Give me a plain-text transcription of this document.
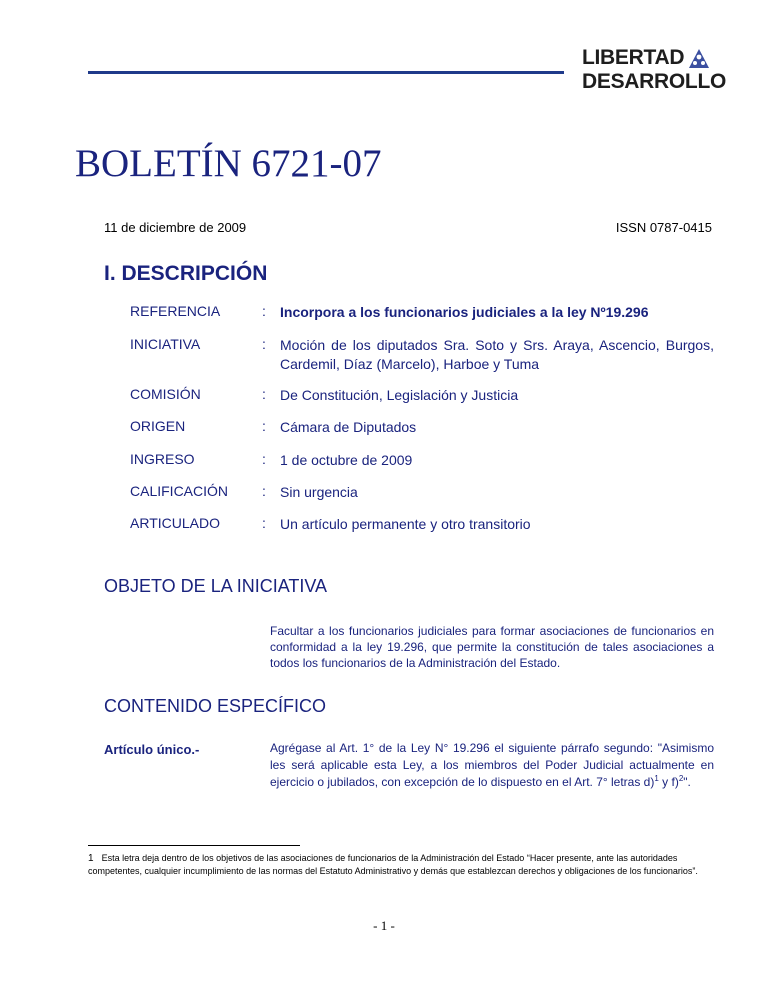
LIBERTAD
DESARROLLO
BOLETÍN 6721-07
11 de diciembre de 2009	ISSN 0787-0415
I. DESCRIPCIÓN
REFERENCIA	: Incorpora a los funcionarios judiciales a la ley Nº19.296
INICIATIVA	: Moción de los diputados Sra. Soto y Srs. Araya, Ascencio, Burgos, Cardemil, Díaz (Marcelo), Harboe y Tuma
COMISIÓN	: De Constitución, Legislación y Justicia
ORIGEN	: Cámara de Diputados
INGRESO	: 1 de octubre de 2009
CALIFICACIÓN : Sin urgencia
ARTICULADO	: Un artículo permanente y otro transitorio
OBJETO DE LA INICIATIVA
Facultar a los funcionarios judiciales para formar asociaciones de funcionarios en conformidad a la ley 19.296, que permite la constitución de tales asociaciones a todos los funcionarios de la Administración del Estado.
CONTENIDO ESPECÍFICO
Artículo único.-	Agrégase al Art. 1° de la Ley N° 19.296 el siguiente párrafo segundo: "Asimismo les será aplicable esta Ley, a los miembros del Poder Judicial actualmente en ejercicio o jubilados, con excepción de lo dispuesto en el Art. 7° letras d)$^1$ y f)$^2$".
1 Esta letra deja dentro de los objetivos de las asociaciones de funcionarios de la Administración del Estado “Hacer presente, ante las autoridades competentes, cualquier incumplimiento de las normas del Estatuto Administrativo y demás que establezcan derechos y obligaciones de los funcionarios”.
- 1 -
